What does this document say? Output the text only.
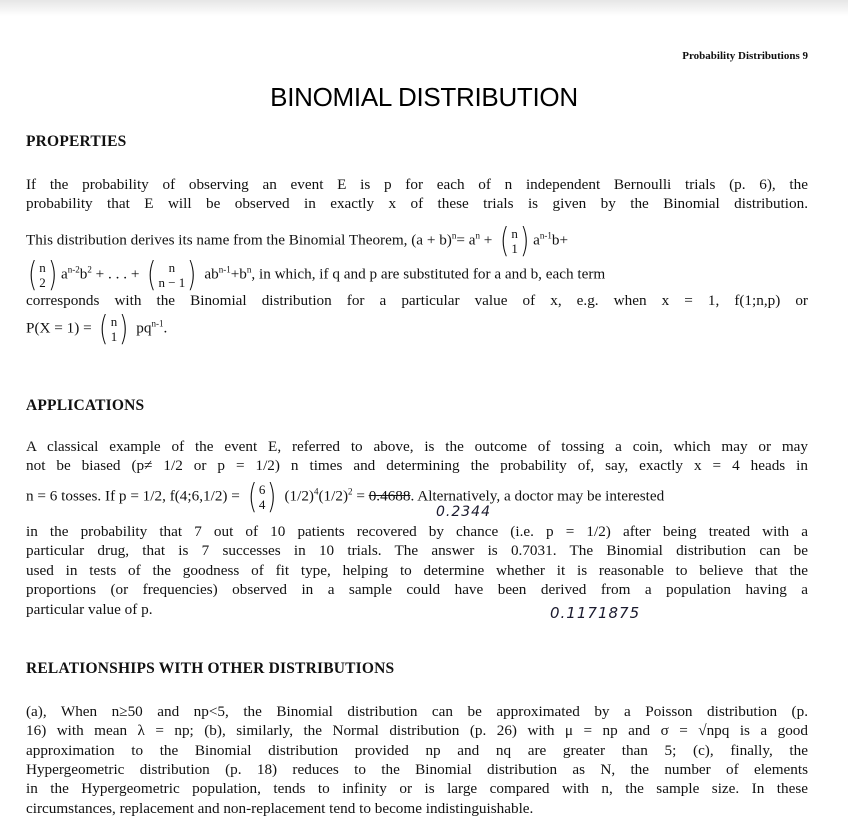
Probability Distributions 9
BINOMIAL DISTRIBUTION
PROPERTIES
If the probability of observing an event E is p for each of n independent Bernoulli trials (p. 6), the
probability that E will be observed in exactly x of these trials is given by the Binomial distribution.
This distribution derives its name from the Binomial Theorem, $(a + b)^n= a^n$ + ( n
1 ) $a^{n-1}b+$
( n
2 ) $a^{n-2}b^2$ + . . . + ( n
n − 1 ) $ab^{n-1}+b^n$, in which, if q and p are substituted for a and b, each term
corresponds with the Binomial distribution for a particular value of x, e.g. when x = 1, f(1;n,p) or
P(X = 1) = ( n
1 ) $pq^{n-1}$.
APPLICATIONS
A classical example of the event E, referred to above, is the outcome of tossing a coin, which may or may
not be biased (p≠ 1/2 or p = 1/2) n times and determining the probability of, say, exactly x = 4 heads in
n = 6 tosses. If p = 1/2, f(4;6,1/2) = ( 6
4 ) $(1/2)^4(1/2)^2 = 0.4688$. Alternatively, a doctor may be interested
0.2344
in the probability that 7 out of 10 patients recovered by chance (i.e. p = 1/2) after being treated with a
particular drug, that is 7 successes in 10 trials. The answer is 0.7031. The Binomial distribution can be
used in tests of the goodness of fit type, helping to determine whether it is reasonable to believe that the
proportions (or frequencies) observed in a sample could have been derived from a population having a
particular value of p.	0.1171875
RELATIONSHIPS WITH OTHER DISTRIBUTIONS
(a), When n≥50 and np<5, the Binomial distribution can be approximated by a Poisson distribution (p.
16) with mean λ = np; (b), similarly, the Normal distribution (p. 26) with μ = np and σ = √npq is a good
approximation to the Binomial distribution provided np and nq are greater than 5; (c), finally, the
Hypergeometric distribution (p. 18) reduces to the Binomial distribution as N, the number of elements
in the Hypergeometric population, tends to infinity or is large compared with n, the sample size. In these
circumstances, replacement and non-replacement tend to become indistinguishable.
